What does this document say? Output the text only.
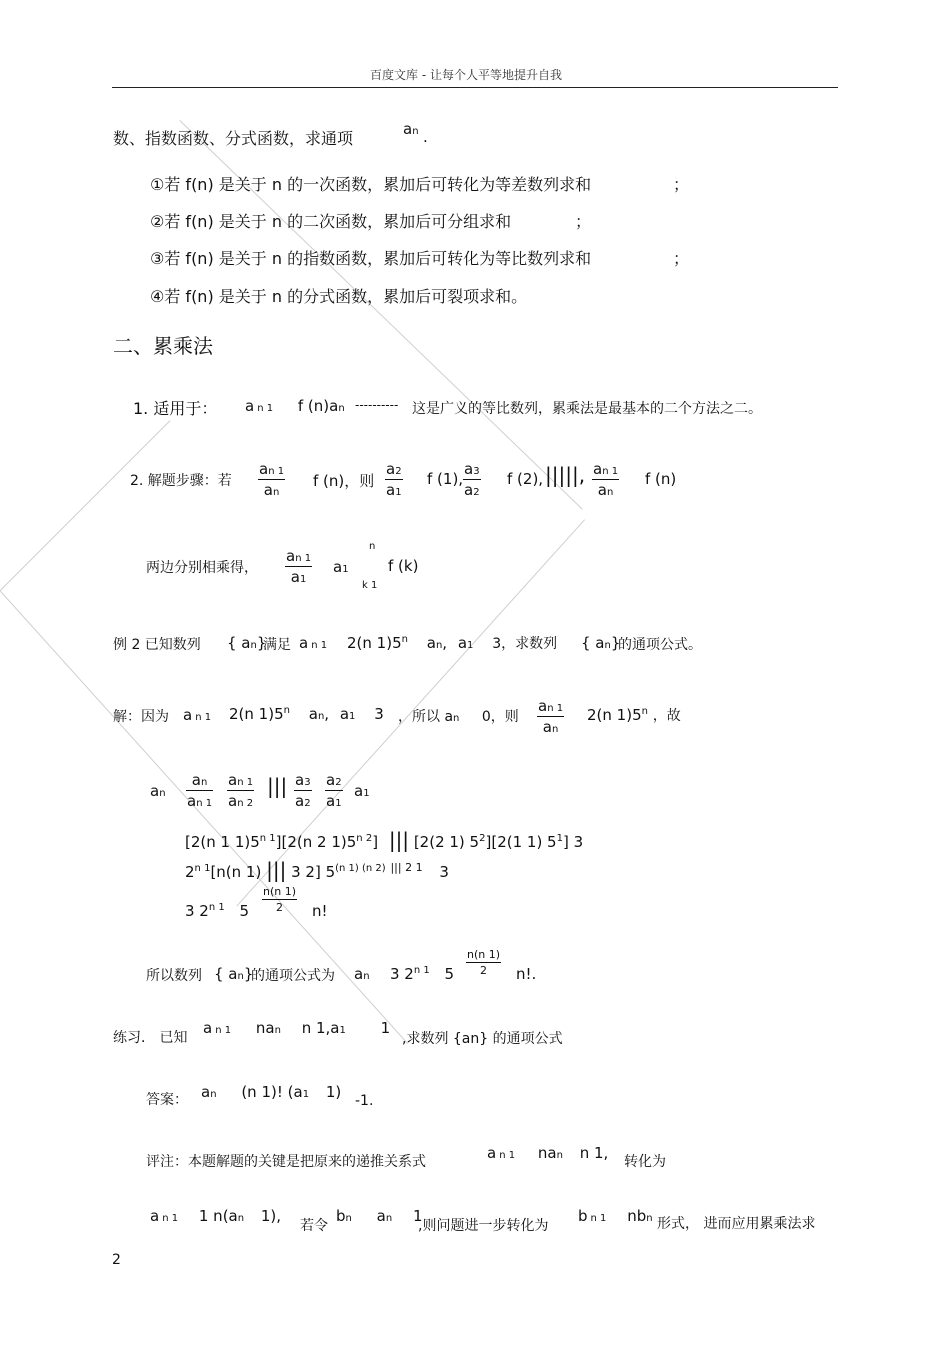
百度文库 - 让每个人平等地提升自我
数、指数函数、分式函数，求通项	an .
①若 f(n) 是关于 n 的一次函数，累加后可转化为等差数列求和	；
②若 f(n) 是关于 n 的二次函数，累加后可分组求和	；
③若 f(n) 是关于 n 的指数函数，累加后可转化为等比数列求和	；
④若 f(n) 是关于 n 的分式函数，累加后可裂项求和。
二、累乘法
1. 适用于： an 1 f (n)an ---------- 这是广义的等比数列，累乘法是最基本的二个方法之二。
2. 解题步骤：若
an 1
an
f (n)，则
a2
a1
f (1),
a3
a2
f (2), |||||, an 1
an
f (n)
两边分别相乘得，
an 1
a1
a1
n
k 1
f (k)
例 2 已知数列 { an}
满足 an 1 2(n 1)5$^n$ an, a1 3，求数列 { an}
的通项公式。
解：因为 an 1 2(n 1)5$^n$ an, a1 3 ，所以 an 0，则
an 1
an
2(n 1)5$^n$ ，故
an
an
an 1
an 1
an 2
||| a3
a2
a2
a1
a1
[2(n 1 $1)5^{n 1}][2(n$ 2 $1)5^{n 2}$] ||| [2(2 1) $5^2][2(1$ 1) $5^1$] 3
$2^{n 1}[n(n$ 1) ||| 3 2] $5^{(n 1) (n 2)}$ $^{||| 2 1}$ 3
3 $2^{n 1}$ 5
n(n 1)
2	n!
所以数列 { an}
的通项公式为 an 3 $2^{n 1}$ 5
n(n 1)
2	n!.
练习． 已知
an 1 nan n 1,a1 1
,求数列 {an} 的通项公式
答案： an (n 1)! (a1 1) -1.
评注：本题解题的关键是把原来的递推关系式	an 1 nan n 1, 转化为
an 1 1 n(an 1),
若令
bn an 1
,则问题进一步转化为
bn 1 nbn 形式， 进而应用累乘法求
2
